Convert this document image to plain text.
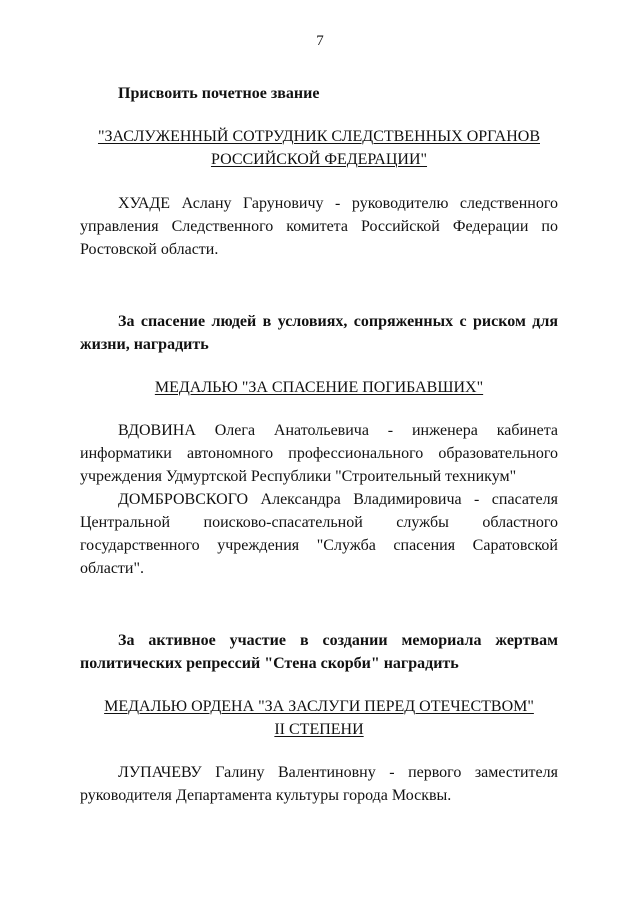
7

Присвоить почетное звание

"ЗАСЛУЖЕННЫЙ СОТРУДНИК СЛЕДСТВЕННЫХ ОРГАНОВ
РОССИЙСКОЙ ФЕДЕРАЦИИ"

ХУАДЕ Аслану Гаруновичу - руководителю следственного управления Следственного комитета Российской Федерации по Ростовской области.

За спасение людей в условиях, сопряженных с риском для жизни, наградить

МЕДАЛЬЮ "ЗА СПАСЕНИЕ ПОГИБАВШИХ"

ВДОВИНА Олега Анатольевича - инженера кабинета информатики автономного профессионального образовательного учреждения Удмуртской Республики "Строительный техникум"

ДОМБРОВСКОГО Александра Владимировича - спасателя Центральной поисково-спасательной службы областного государственного учреждения "Служба спасения Саратовской области".

За активное участие в создании мемориала жертвам политических репрессий "Стена скорби" наградить

МЕДАЛЬЮ ОРДЕНА "ЗА ЗАСЛУГИ ПЕРЕД ОТЕЧЕСТВОМ"
II СТЕПЕНИ

ЛУПАЧЕВУ Галину Валентиновну - первого заместителя руководителя Департамента культуры города Москвы.
